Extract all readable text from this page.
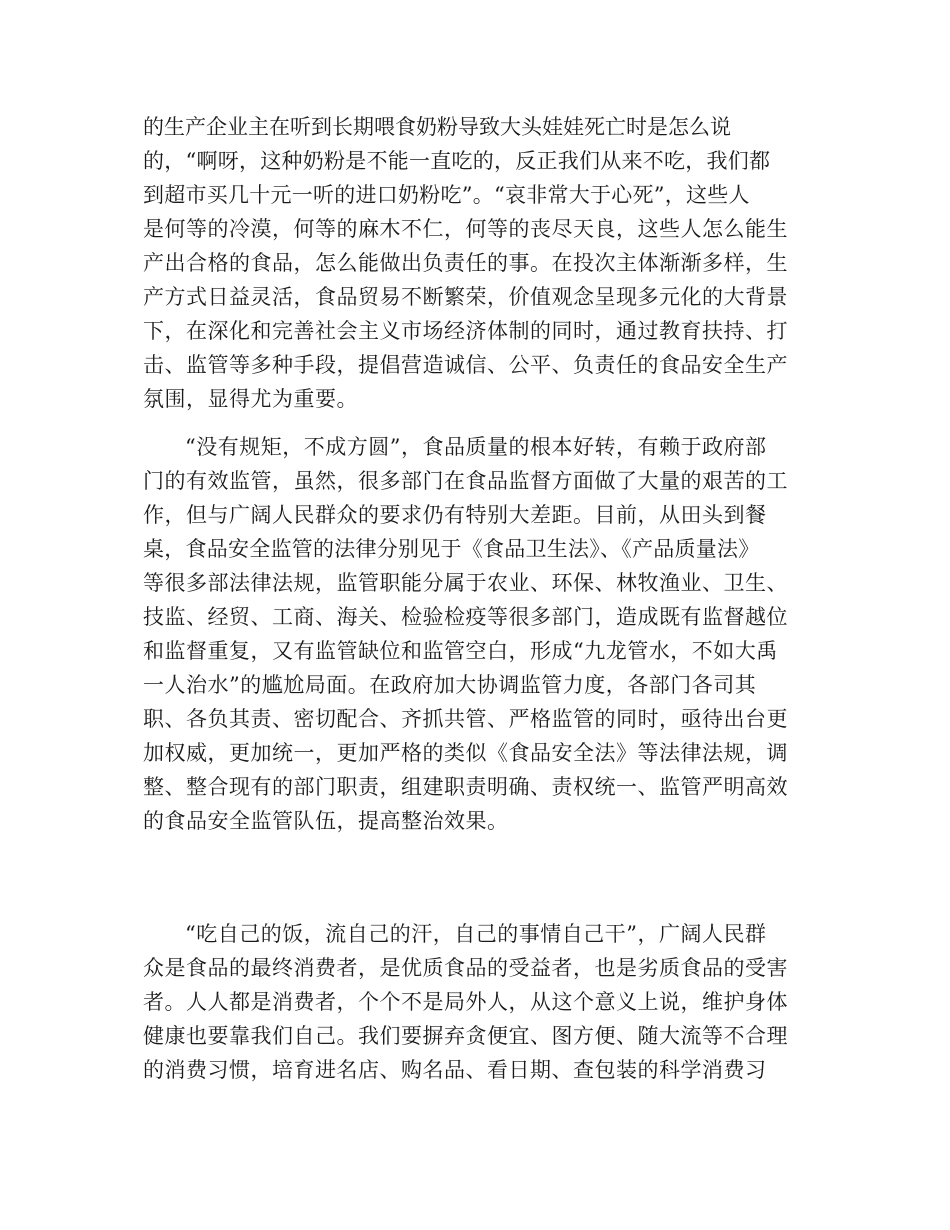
的生产企业主在听到长期喂食奶粉导致大头娃娃死亡时是怎么说
的，“啊呀，这种奶粉是不能一直吃的，反正我们从来不吃，我们都
到超市买几十元一听的进口奶粉吃”。“哀非常大于心死”，这些人
是何等的冷漠，何等的麻木不仁，何等的丧尽天良，这些人怎么能生
产出合格的食品，怎么能做出负责任的事。在投次主体渐渐多样，生
产方式日益灵活，食品贸易不断繁荣，价值观念呈现多元化的大背景
下，在深化和完善社会主义市场经济体制的同时，通过教育扶持、打
击、监管等多种手段，提倡营造诚信、公平、负责任的食品安全生产
氛围，显得尤为重要。
“没有规矩，不成方圆”，食品质量的根本好转，有赖于政府部
门的有效监管，虽然，很多部门在食品监督方面做了大量的艰苦的工
作，但与广阔人民群众的要求仍有特别大差距。目前，从田头到餐
桌，食品安全监管的法律分别见于《食品卫生法》、《产品质量法》
等很多部法律法规，监管职能分属于农业、环保、林牧渔业、卫生、
技监、经贸、工商、海关、检验检疫等很多部门，造成既有监督越位
和监督重复，又有监管缺位和监管空白，形成“九龙管水，不如大禹
一人治水”的尴尬局面。在政府加大协调监管力度，各部门各司其
职、各负其责、密切配合、齐抓共管、严格监管的同时，亟待出台更
加权威，更加统一，更加严格的类似《食品安全法》等法律法规，调
整、整合现有的部门职责，组建职责明确、责权统一、监管严明高效
的食品安全监管队伍，提高整治效果。
“吃自己的饭，流自己的汗，自己的事情自己干”，广阔人民群
众是食品的最终消费者，是优质食品的受益者，也是劣质食品的受害
者。人人都是消费者，个个不是局外人，从这个意义上说，维护身体
健康也要靠我们自己。我们要摒弃贪便宜、图方便、随大流等不合理
的消费习惯，培育进名店、购名品、看日期、查包装的科学消费习
